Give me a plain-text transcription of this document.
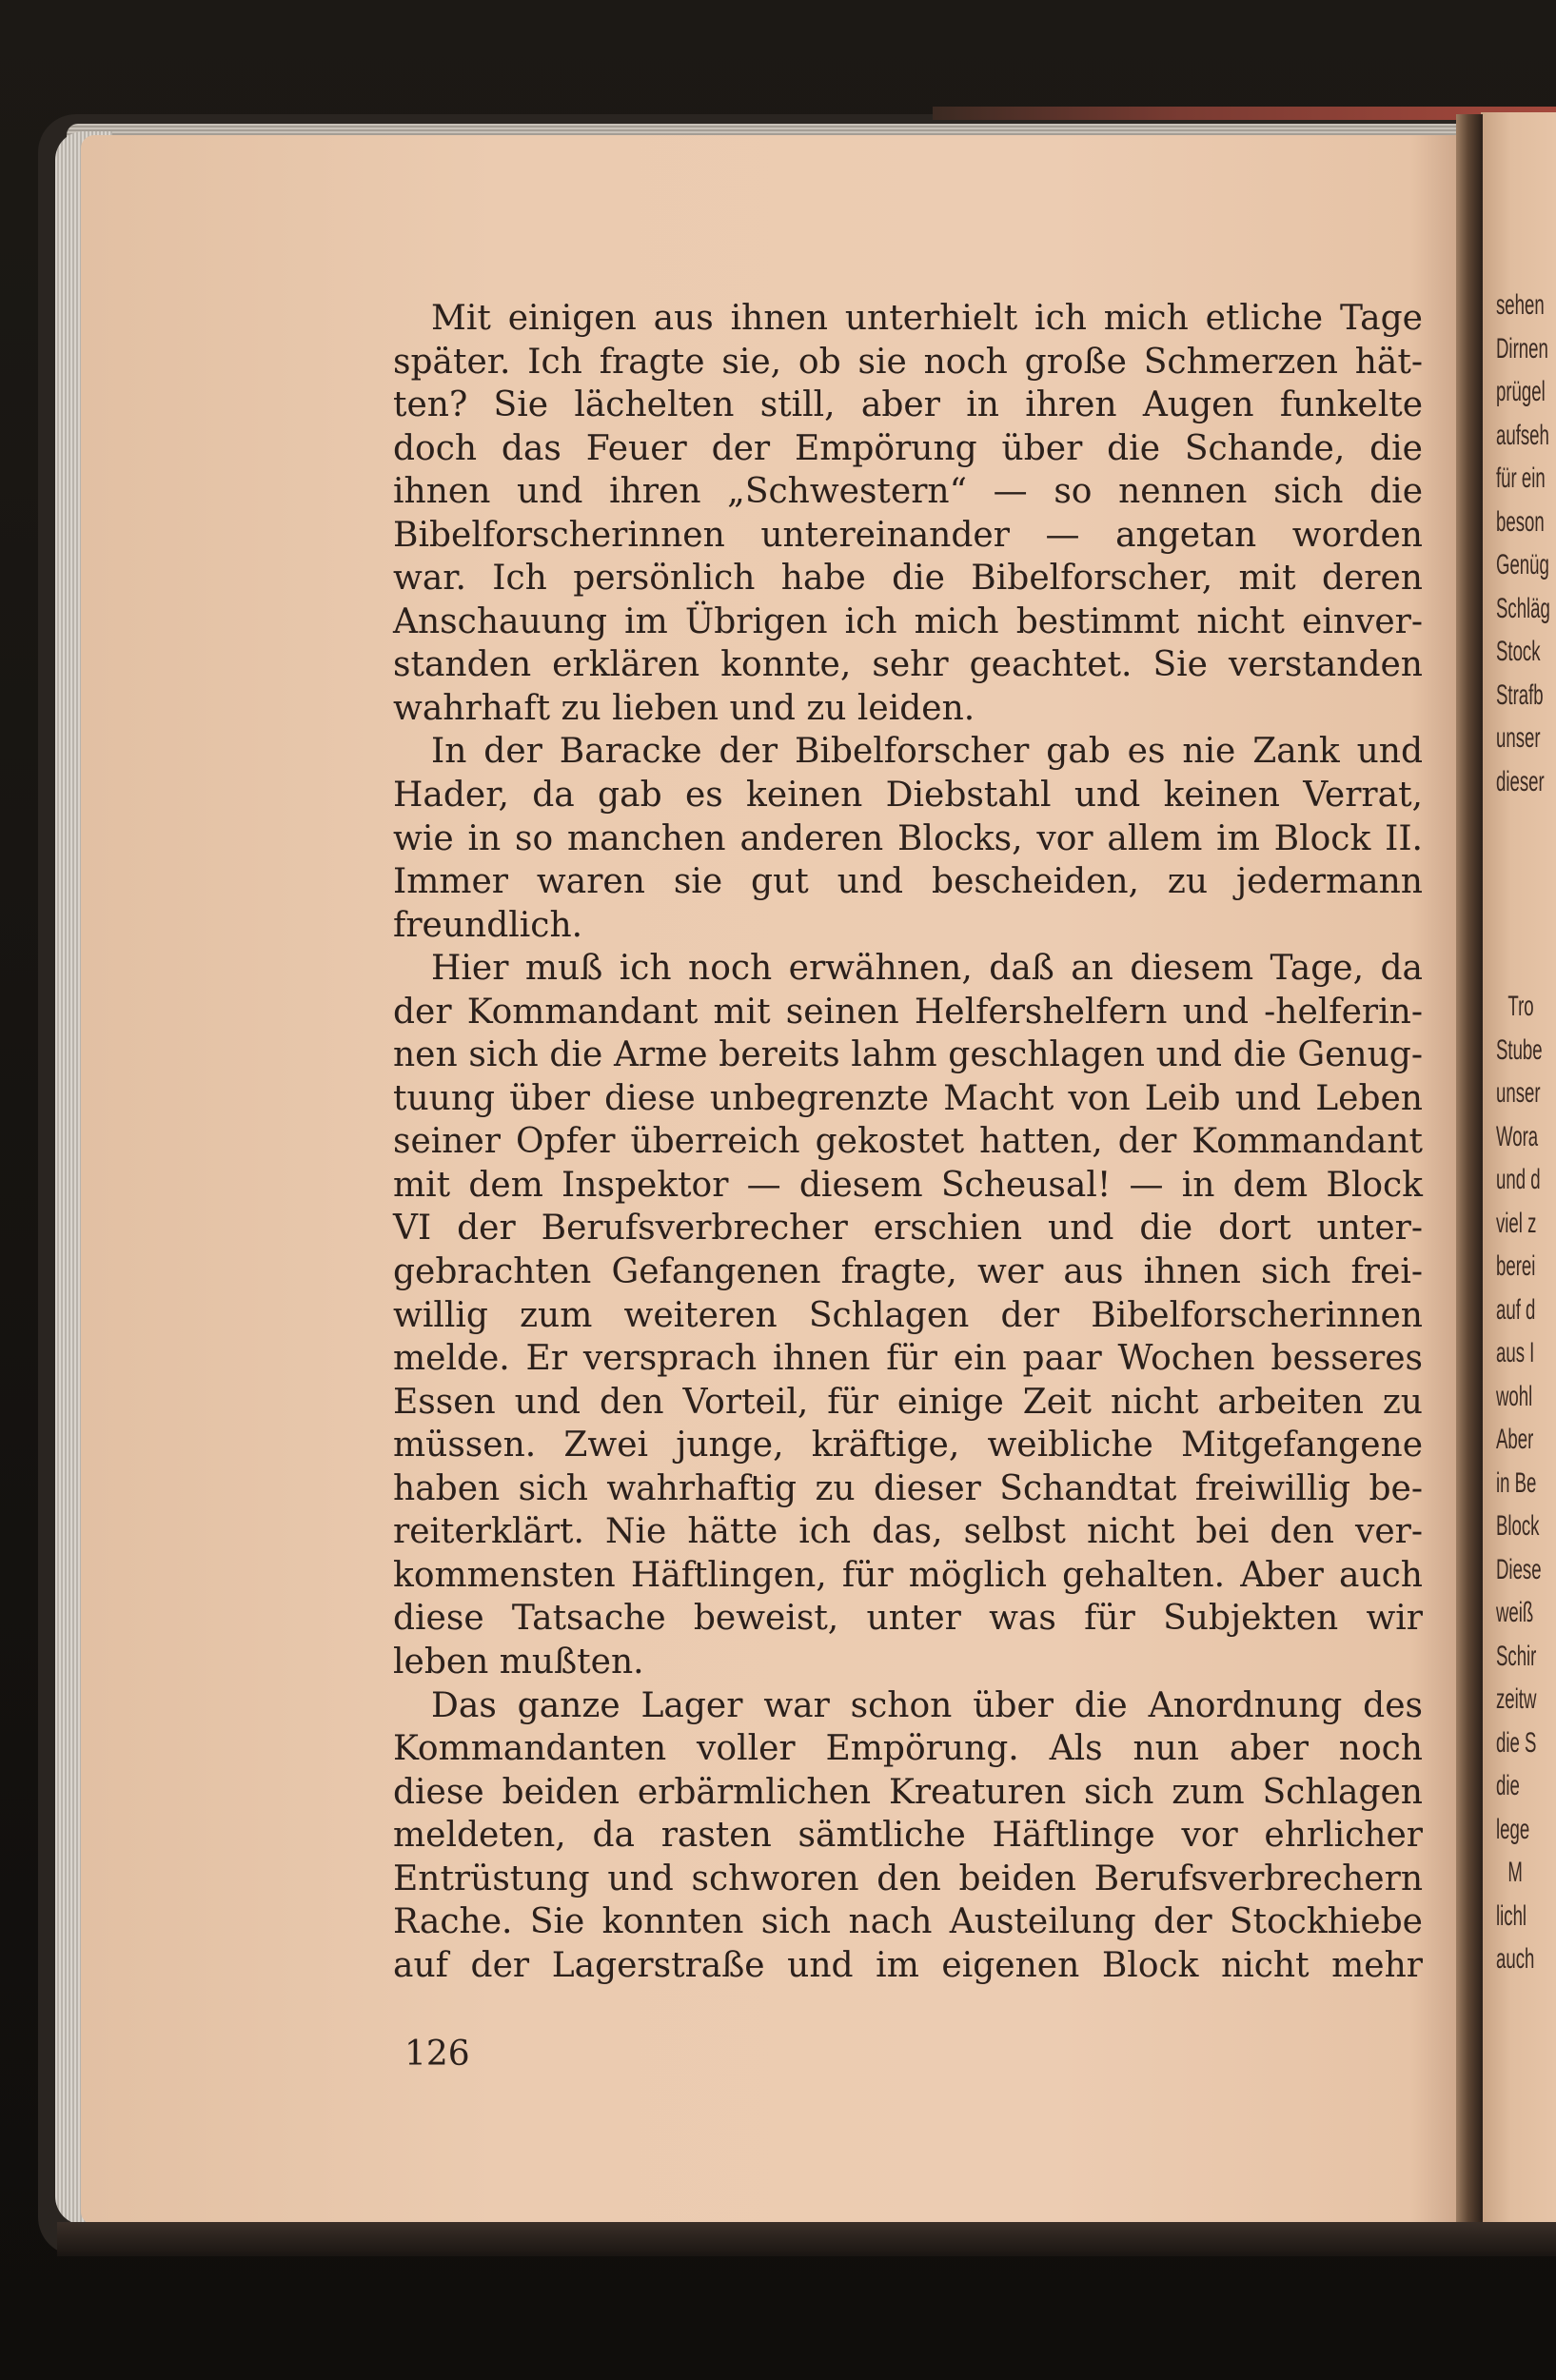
Mit einigen aus ihnen unterhielt ich mich etliche Tage
später. Ich fragte sie, ob sie noch große Schmerzen hät-
ten? Sie lächelten still, aber in ihren Augen funkelte
doch das Feuer der Empörung über die Schande, die
ihnen und ihren „Schwestern“ — so nennen sich die
Bibelforscherinnen untereinander — angetan worden
war. Ich persönlich habe die Bibelforscher, mit deren
Anschauung im Übrigen ich mich bestimmt nicht einver-
standen erklären konnte, sehr geachtet. Sie verstanden
wahrhaft zu lieben und zu leiden.
In der Baracke der Bibelforscher gab es nie Zank und
Hader, da gab es keinen Diebstahl und keinen Verrat,
wie in so manchen anderen Blocks, vor allem im Block II.
Immer waren sie gut und bescheiden, zu jedermann
freundlich.
Hier muß ich noch erwähnen, daß an diesem Tage, da
der Kommandant mit seinen Helfershelfern und -helferin-
nen sich die Arme bereits lahm geschlagen und die Genug-
tuung über diese unbegrenzte Macht von Leib und Leben
seiner Opfer überreich gekostet hatten, der Kommandant
mit dem Inspektor — diesem Scheusal! — in dem Block
VI der Berufsverbrecher erschien und die dort unter-
gebrachten Gefangenen fragte, wer aus ihnen sich frei-
willig zum weiteren Schlagen der Bibelforscherinnen
melde. Er versprach ihnen für ein paar Wochen besseres
Essen und den Vorteil, für einige Zeit nicht arbeiten zu
müssen. Zwei junge, kräftige, weibliche Mitgefangene
haben sich wahrhaftig zu dieser Schandtat freiwillig be-
reiterklärt. Nie hätte ich das, selbst nicht bei den ver-
kommensten Häftlingen, für möglich gehalten. Aber auch
diese Tatsache beweist, unter was für Subjekten wir
leben mußten.
Das ganze Lager war schon über die Anordnung des
Kommandanten voller Empörung. Als nun aber noch
diese beiden erbärmlichen Kreaturen sich zum Schlagen
meldeten, da rasten sämtliche Häftlinge vor ehrlicher
Entrüstung und schworen den beiden Berufsverbrechern
Rache. Sie konnten sich nach Austeilung der Stockhiebe
auf der Lagerstraße und im eigenen Block nicht mehr
126
sehen
Dirnen
prügel
aufseh
für ein
beson
Genüg
Schläg
Stock
Strafb
unser
dieser
Tro
Stube
unser
Wora
und d
viel z
berei
auf d
aus I
wohl
Aber
in Be
Block
Diese
weiß
Schir
zeitw
die S
die
lege
M
lichl
auch
